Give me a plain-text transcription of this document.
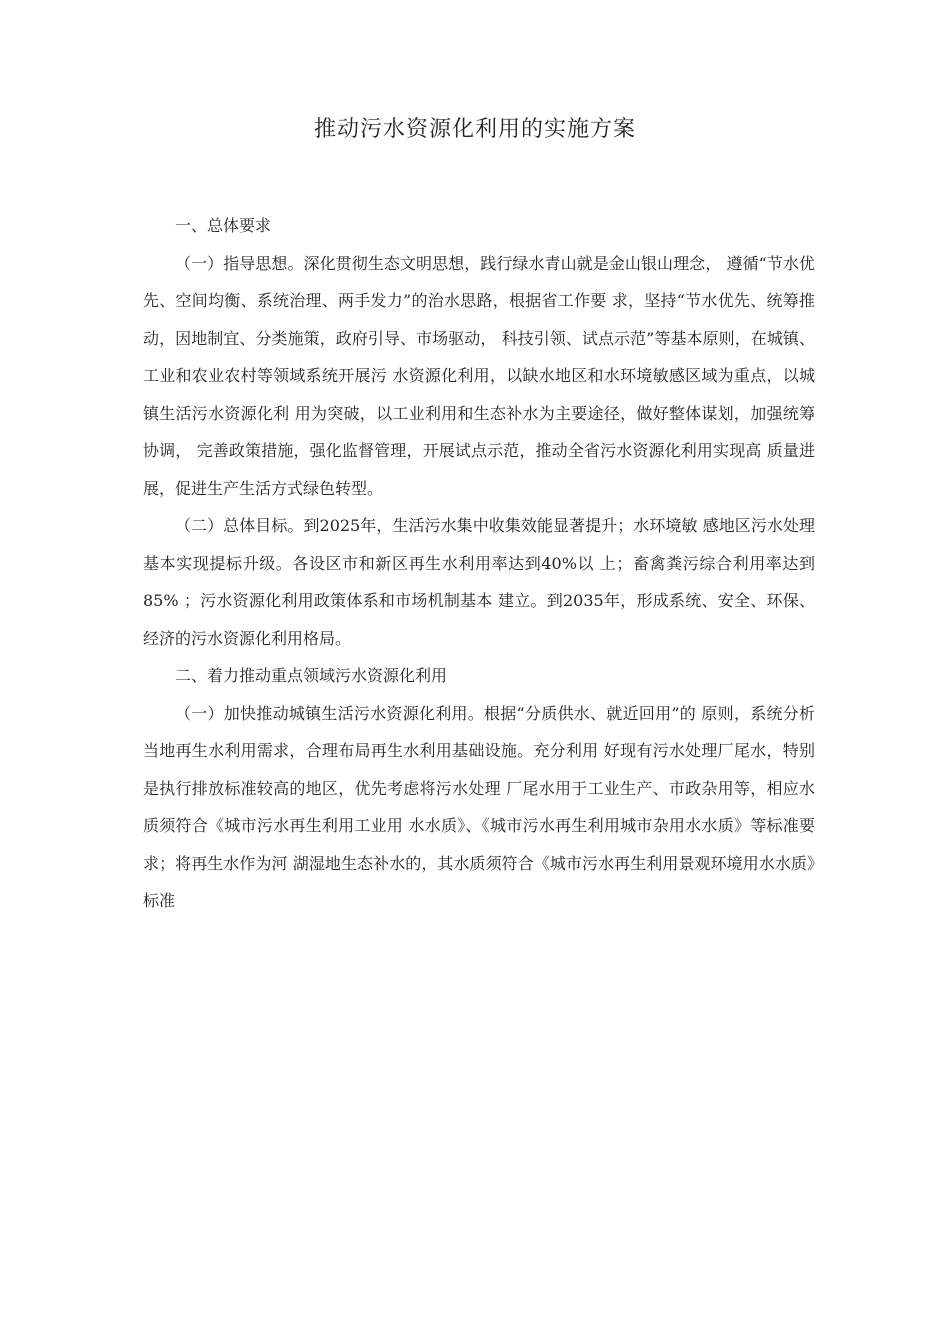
推动污水资源化利用的实施方案

一、总体要求

（一）指导思想。深化贯彻生态文明思想，践行绿水青山就是金山银山理念， 遵循“节水优先、空间均衡、系统治理、两手发力”的治水思路，根据省工作要 求，坚持“节水优先、统筹推动，因地制宜、分类施策，政府引导、市场驱动， 科技引领、试点示范”等基本原则，在城镇、工业和农业农村等领域系统开展污 水资源化利用，以缺水地区和水环境敏感区域为重点，以城镇生活污水资源化利 用为突破，以工业利用和生态补水为主要途径，做好整体谋划，加强统筹协调， 完善政策措施，强化监督管理，开展试点示范，推动全省污水资源化利用实现高 质量进展，促进生产生活方式绿色转型。

（二）总体目标。到2025年，生活污水集中收集效能显著提升；水环境敏 感地区污水处理基本实现提标升级。各设区市和新区再生水利用率达到40%以 上；畜禽粪污综合利用率达到85% ；污水资源化利用政策体系和市场机制基本 建立。到2035年，形成系统、安全、环保、经济的污水资源化利用格局。

二、着力推动重点领域污水资源化利用

（一）加快推动城镇生活污水资源化利用。根据“分质供水、就近回用”的 原则，系统分析当地再生水利用需求，合理布局再生水利用基础设施。充分利用 好现有污水处理厂尾水，特别是执行排放标准较高的地区，优先考虑将污水处理 厂尾水用于工业生产、市政杂用等，相应水质须符合《城市污水再生利用工业用 水水质》、《城市污水再生利用城市杂用水水质》等标准要求；将再生水作为河 湖湿地生态补水的，其水质须符合《城市污水再生利用景观环境用水水质》标准
